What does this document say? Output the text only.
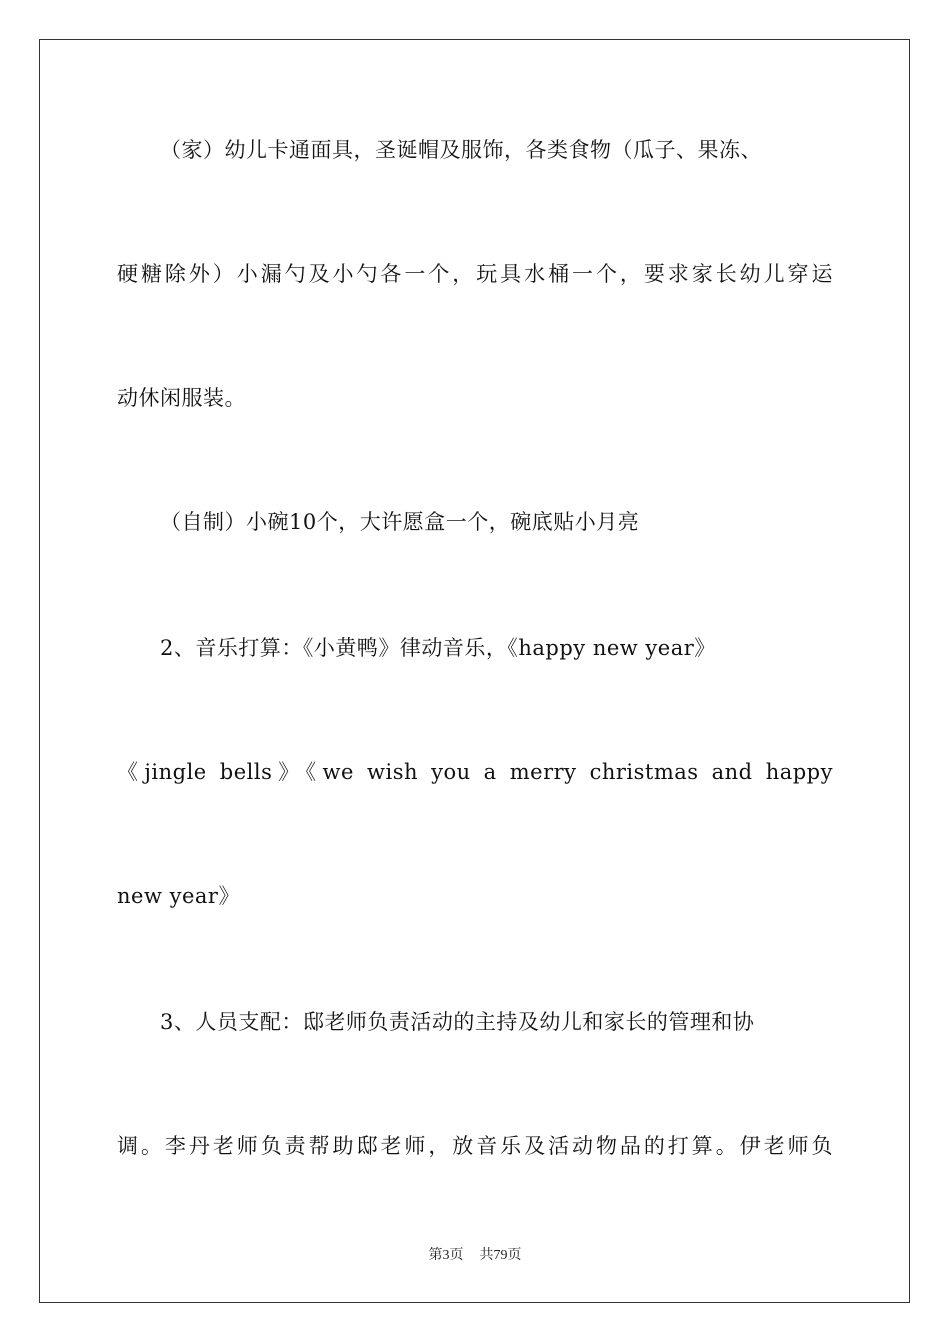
（家）幼儿卡通面具，圣诞帽及服饰，各类食物（瓜子、果冻、
硬糖除外）小漏勺及小勺各一个，玩具水桶一个，要求家长幼儿穿运
动休闲服装。
（自制）小碗10个，大许愿盒一个，碗底贴小月亮
2、音乐打算：《小黄鸭》律动音乐，《happy new year》
《jingle bells》《we wish you a merry christmas and happy
new year》
3、人员支配：邸老师负责活动的主持及幼儿和家长的管理和协
调。李丹老师负责帮助邸老师，放音乐及活动物品的打算。伊老师负
第3页 共79页
